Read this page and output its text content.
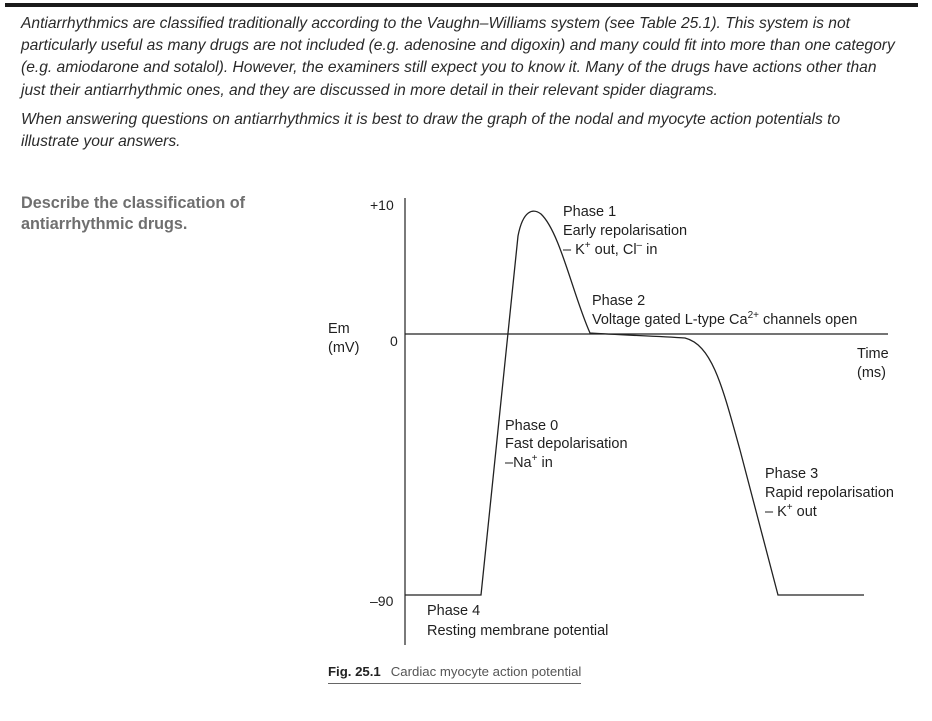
Antiarrhythmics are classified traditionally according to the Vaughn–Williams system (see Table 25.1). This system is not particularly useful as many drugs are not included (e.g. adenosine and digoxin) and many could fit into more than one category (e.g. amiodarone and sotalol). However, the examiners still expect you to know it. Many of the drugs have actions other than just their antiarrhythmic ones, and they are discussed in more detail in their relevant spider diagrams.

When answering questions on antiarrhythmics it is best to draw the graph of the nodal and myocyte action potentials to illustrate your answers.

Describe the classification of antiarrhythmic drugs.
+10
0
–90
Em
(mV)	Time
(ms)
Phase 1
Early repolarisation
– K+ out, Cl– in
Phase 2
Voltage gated L-type $Ca^{2+}$ channels open
Phase 0
Fast depolarisation
–Na+ in
Phase 3
Rapid repolarisation
– K+ out
Phase 4
Resting membrane potential
Fig. 25.1 Cardiac myocyte action potential
